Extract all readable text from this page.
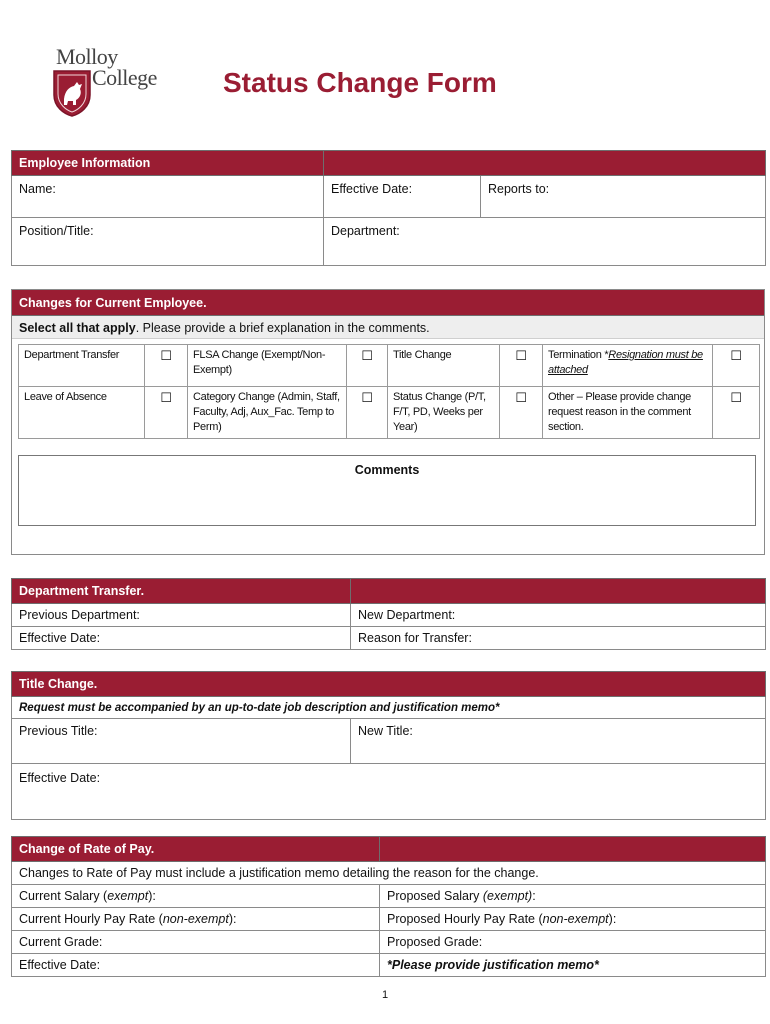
Molloy
College Status Change Form
Employee Information		
Name:	Effective Date:	Reports to:
Position/Title:	Department:	
Changes for Current Employee.
Select all that apply. Please provide a brief explanation in the comments.
Department Transfer	☐	FLSA Change (Exempt/Non-Exempt)	☐	Title Change	☐	Termination *Resignation must be attached	☐
Leave of Absence	☐	Category Change (Admin, Staff, Faculty, Adj, Aux_Fac. Temp to Perm)	☐	Status Change (P/T, F/T, PD, Weeks per Year)	☐	Other – Please provide change request reason in the comment section.	☐
Comments
Department Transfer.	
Previous Department:	New Department:
Effective Date:	Reason for Transfer:
Title Change.
Request must be accompanied by an up-to-date job description and justification memo*
Previous Title:	New Title:
Effective Date:
Change of Rate of Pay.	
Changes to Rate of Pay must include a justification memo detailing the reason for the change.	
Current Salary (exempt):	Proposed Salary (exempt):
Current Hourly Pay Rate (non-exempt):	Proposed Hourly Pay Rate (non-exempt):
Current Grade:	Proposed Grade:
Effective Date:	*Please provide justification memo*
1
